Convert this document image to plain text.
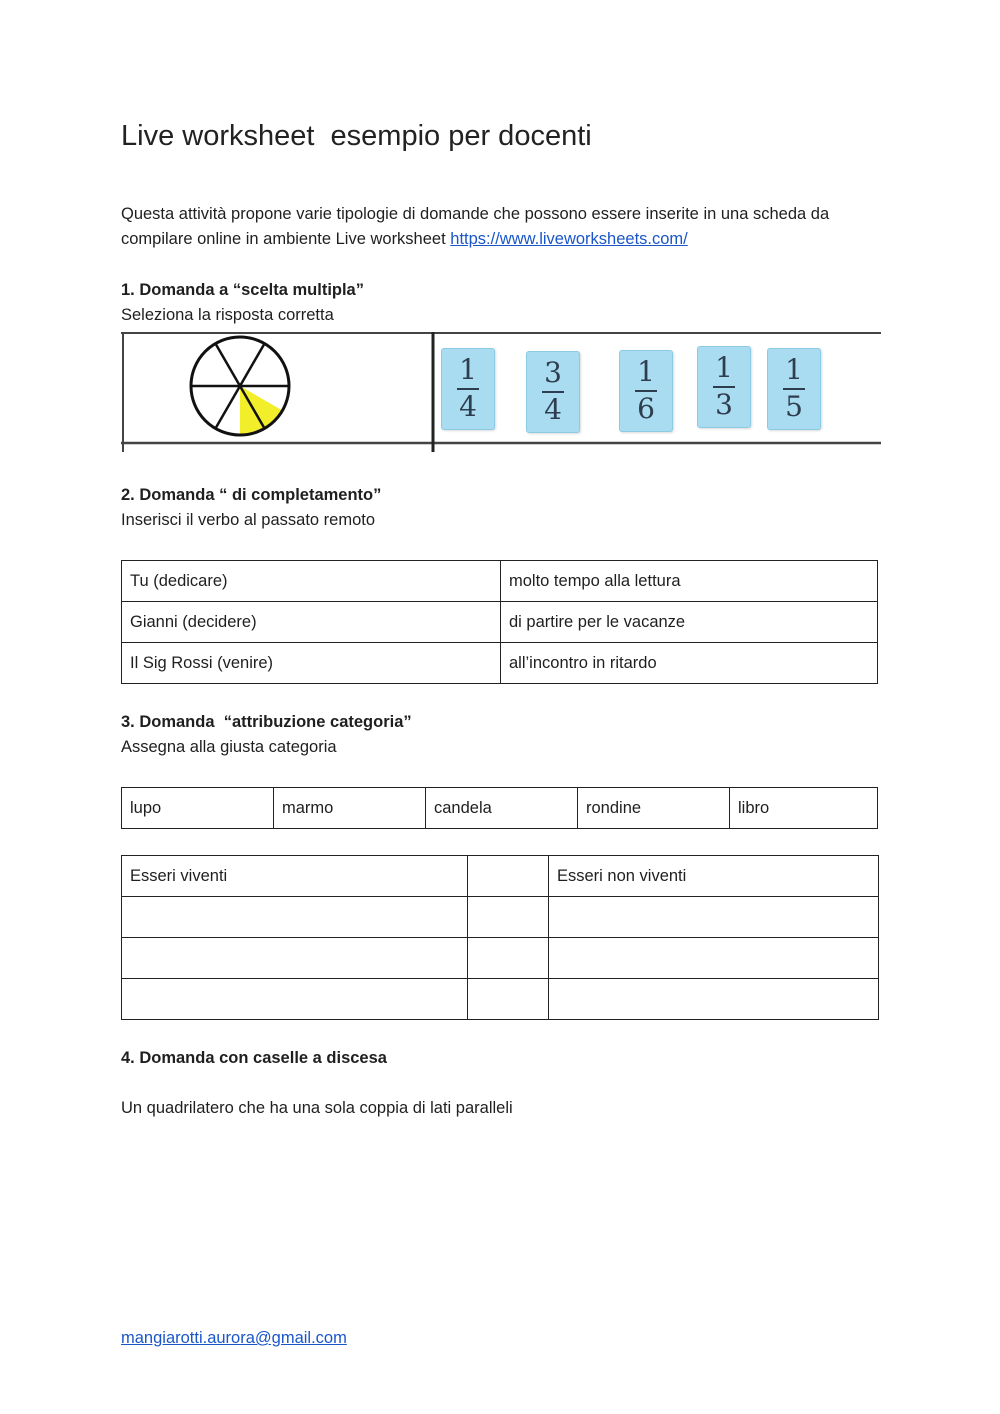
Live worksheet  esempio per docenti
Questa attività propone varie tipologie di domande che possono essere inserite in una scheda da compilare online in ambiente Live worksheet https://www.liveworksheets.com/
1. Domanda a “scelta multipla”
Seleziona la risposta corretta
1
4
3
4
1
6
1
3
1
5
2. Domanda “ di completamento”
Inserisci il verbo al passato remoto
Tu (dedicare)	molto tempo alla lettura
Gianni (decidere)	di partire per le vacanze
Il Sig Rossi (venire)	all’incontro in ritardo
3. Domanda  “attribuzione categoria”
Assegna alla giusta categoria
lupo	marmo	candela	rondine	libro
Esseri viventi		Esseri non viventi

4. Domanda con caselle a discesa
Un quadrilatero che ha una sola coppia di lati paralleli
mangiarotti.aurora@gmail.com
